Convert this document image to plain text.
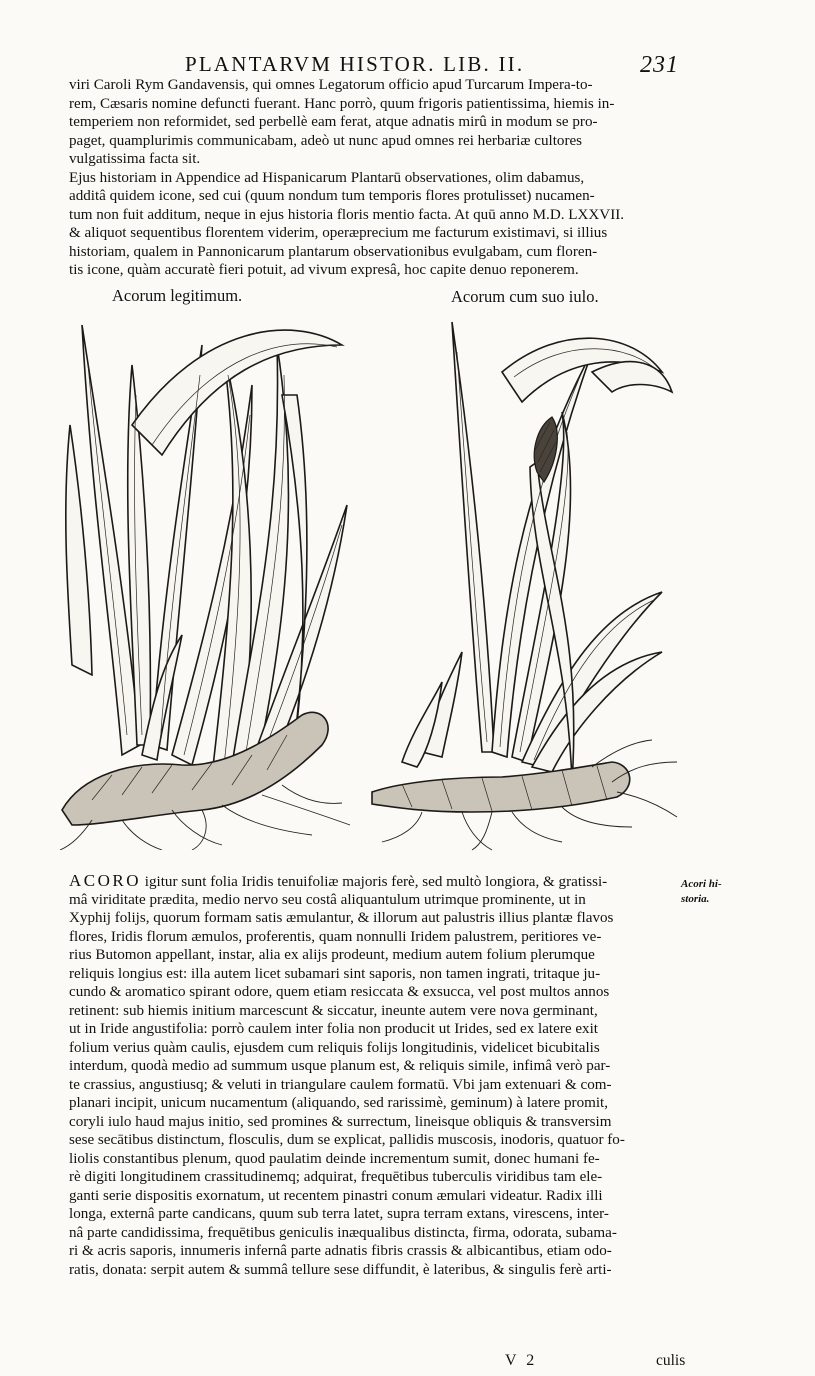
PLANTARVM HISTOR. LIB. II.	231
viri Caroli Rym Gandavensis, qui omnes Legatorum officio apud Turcarum Impera-to-
rem, Cæsaris nomine defuncti fuerant. Hanc porrò, quum frigoris patientissima, hiemis in-
temperiem non reformidet, sed perbellè eam ferat, atque adnatis mirû in modum se pro-
paget, quamplurimis communicabam, adeò ut nunc apud omnes rei herbariæ cultores
vulgatissima facta sit.
Ejus historiam in Appendice ad Hispanicarum Plantarū observationes, olim dabamus,
additâ quidem icone, sed cui (quum nondum tum temporis flores protulisset) nucamen-
tum non fuit additum, neque in ejus historia floris mentio facta. At quū anno M.D. LXXVII.
& aliquot sequentibus florentem viderim, operæprecium me facturum existimavi, si illius
historiam, qualem in Pannonicarum plantarum observationibus evulgabam, cum floren-
tis icone, quàm accuratè fieri potuit, ad vivum expresâ, hoc capite denuo reponerem.
Acorum legitimum.	Acorum cum suo iulo.
ACORO igitur sunt folia Iridis tenuifoliæ majoris ferè, sed multò longiora, & gratissi-
mâ viriditate prædita, medio nervo seu costâ aliquantulum utrimque prominente, ut in
Xyphij folijs, quorum formam satis æmulantur, & illorum aut palustris illius plantæ flavos
flores, Iridis florum æmulos, proferentis, quam nonnulli Iridem palustrem, peritiores ve-
rius Butomon appellant, instar, alia ex alijs prodeunt, medium autem folium plerumque
reliquis longius est: illa autem licet subamari sint saporis, non tamen ingrati, tritaque ju-
cundo & aromatico spirant odore, quem etiam resiccata & exsucca, vel post multos annos
retinent: sub hiemis initium marcescunt & siccatur, ineunte autem vere nova germinant,
ut in Iride angustifolia: porrò caulem inter folia non producit ut Irides, sed ex latere exit
folium verius quàm caulis, ejusdem cum reliquis folijs longitudinis, videlicet bicubitalis
interdum, quodà medio ad summum usque planum est, & reliquis simile, infimâ verò par-
te crassius, angustiusq; & veluti in triangulare caulem formatū. Vbi jam extenuari & com-
planari incipit, unicum nucamentum (aliquando, sed rarissimè, geminum) à latere promit,
coryli iulo haud majus initio, sed promines & surrectum, lineisque obliquis & transversim
sese secātibus distinctum, flosculis, dum se explicat, pallidis muscosis, inodoris, quatuor fo-
liolis constantibus plenum, quod paulatim deinde incrementum sumit, donec humani fe-
rè digiti longitudinem crassitudinemq; adquirat, frequētibus tuberculis viridibus tam ele-
ganti serie dispositis exornatum, ut recentem pinastri conum æmulari videatur. Radix illi
longa, externâ parte candicans, quum sub terra latet, supra terram extans, virescens, inter-
nâ parte candidissima, frequētibus geniculis inæqualibus distincta, firma, odorata, subama-
ri & acris saporis, innumeris infernâ parte adnatis fibris crassis & albicantibus, etiam odo-
ratis, donata: serpit autem & summâ tellure sese diffundit, è lateribus, & singulis ferè arti-
Acori hi-
storia.
V 2	culis
